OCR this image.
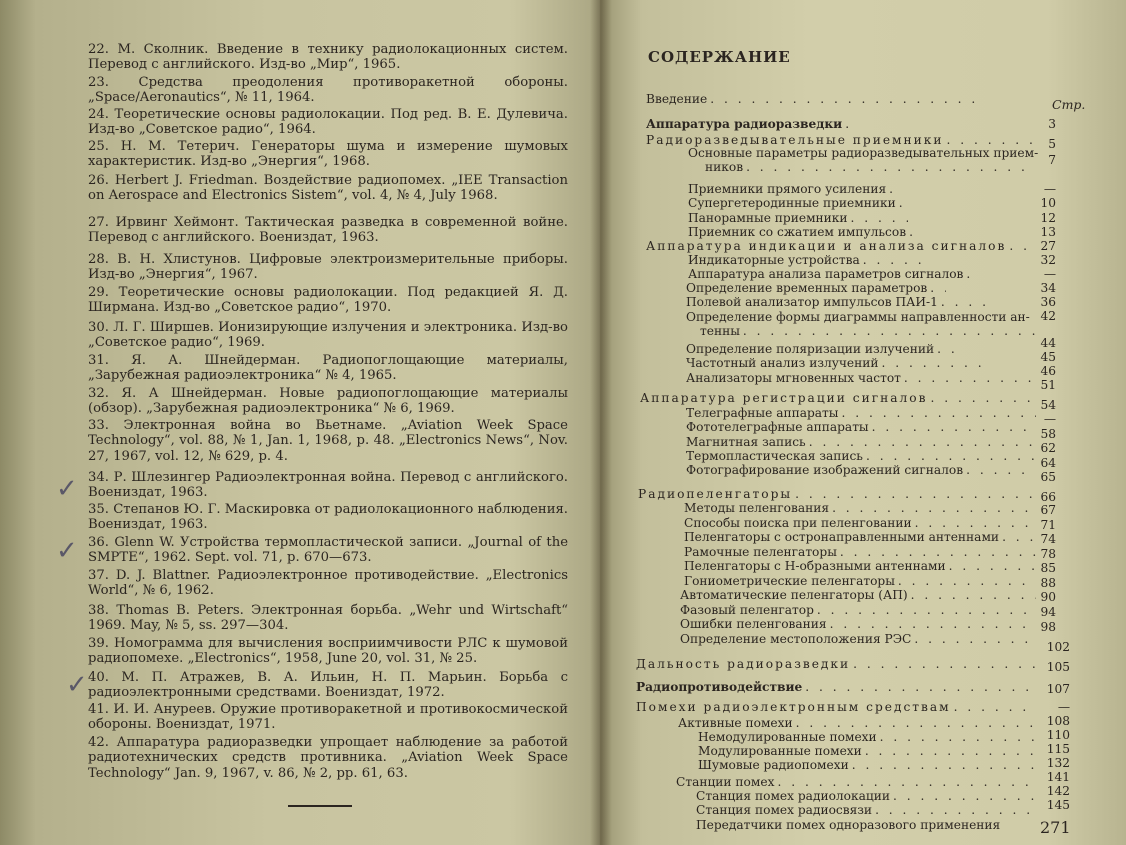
22. М. Сколник. Введение в технику радиолокационных систем. Перевод с английского. Изд-во „Мир“, 1965.

23. Средства преодоления противоракетной обороны. „Space/Aeronautics“, № 11, 1964.

24. Теоретические основы радиолокации. Под ред. В. Е. Дулевича. Изд-во „Советское радио“, 1964.

25. Н. М. Тетерич. Генераторы шума и измерение шумовых характеристик. Изд-во „Энергия“, 1968.

26. Herbert J. Friedman. Воздействие радиопомех. „IEE Transaction on Aerospace and Electronics Sistem“, vol. 4, № 4, July 1968.

27. Ирвинг Хеймонт. Тактическая разведка в современной войне. Перевод с английского. Воениздат, 1963.

28. В. Н. Хлистунов. Цифровые электроизмерительные приборы. Изд-во „Энергия“, 1967.

29. Теоретические основы радиолокации. Под редакцией Я. Д. Ширмана. Изд-во „Советское радио“, 1970.

30. Л. Г. Ширшев. Ионизирующие излучения и электроника. Изд-во „Советское радио“, 1969.

31. Я. А. Шнейдерман. Радиопоглощающие материалы, „Зарубежная радиоэлектроника“ № 4, 1965.

32. Я. А Шнейдерман. Новые радиопоглощающие материалы (обзор). „Зарубежная радиоэлектроника“ № 6, 1969.

33. Электронная война во Вьетнаме. „Aviation Week Space Technology“, vol. 88, № 1, Jan. 1, 1968, p. 48. „Electronics News“, Nov. 27, 1967, vol. 12, № 629, p. 4.

34. Р. Шлезингер Радиоэлектронная война. Перевод с английского. Воениздат, 1963.

35. Степанов Ю. Г. Маскировка от радиолокационного наблюдения. Воениздат, 1963.

36. Glenn W. Устройства термопластической записи. „Journal of the SMPTE“, 1962. Sept. vol. 71, p. 670—673.

37. D. J. Blattner. Радиоэлектронное противодействие. „Electronics World“, № 6, 1962.

38. Thomas B. Peters. Электронная борьба. „Wehr und Wirtschaft“ 1969. May, № 5, ss. 297—304.

39. Номограмма для вычисления восприимчивости РЛС к шумовой радиопомехе. „Electronics“, 1958, June 20, vol. 31, № 25.

40. М. П. Атражев, В. А. Ильин, Н. П. Марьин. Борьба с радиоэлектронными средствами. Воениздат, 1972.

41. И. И. Ануреев. Оружие противоракетной и противокосмической обороны. Воениздат, 1971.

42. Аппаратура радиоразведки упрощает наблюдение за работой радиотехнических средств противника. „Aviation Week Space Technology“ Jan. 9, 1967, v. 86, № 2, pp. 61, 63.

✓
✓
✓
СОДЕРЖАНИЕ
Стр.
Введение
. . .
Аппаратура радиоразведки
. . .
Радиоразведывательные приемники
. . .
Основные параметры радиоразведывательных прием-
ников
. . .
Приемники прямого усиления
. . .
Супергетеродинные приемники
. . .
Панорамные приемники
. . .
Приемник со сжатием импульсов
. . .
Аппаратура индикации и анализа сигналов
. . .
Индикаторные устройства
. . .
Аппаратура анализа параметров сигналов
. . .
Определение временных параметров
. . .
Полевой анализатор импульсов ПАИ-1
. . .
Определение формы диаграммы направленности ан-
тенны
. . .
Определение поляризации излучений
. . .
Частотный анализ излучений
. . .
Анализаторы мгновенных частот
. . .
Аппаратура регистрации сигналов
. . .
Телеграфные аппараты
. . .
Фототелеграфные аппараты
. . .
Магнитная запись
. . .
Термопластическая запись
. . .
Фотографирование изображений сигналов
. . .
Радиопеленгаторы
. . .
Методы пеленгования
. . .
Способы поиска при пеленговании
. . .
Пеленгаторы с остронаправленными антеннами
. . .
Рамочные пеленгаторы
. . .
Пеленгаторы с Н-образными антеннами
. . .
Гониометрические пеленгаторы
. . .
Автоматические пеленгаторы (АП)
. . .
Фазовый пеленгатор
. . .
Ошибки пеленгования
. . .
Определение местоположения РЭС
. . .
Дальность радиоразведки
. . .
Радиопротиводействие
. . .
Помехи радиоэлектронным средствам
. . .
Активные помехи
. . .
Немодулированные помехи
. . .
Модулированные помехи
. . .
Шумовые радиопомехи
. . .
Станции помех
. . .
Станция помех радиолокации
. . .
Станция помех радиосвязи
. . .
Передатчики помех одноразового применения
3
5
7
—
10
12
13
27
32
—
34
36
42
44
45
46
51
54
—
58
62
64
65
66
67
71
74
78
85
88
90
94
98
102
105
107
—
108
110
115
132
141
142
145
271
